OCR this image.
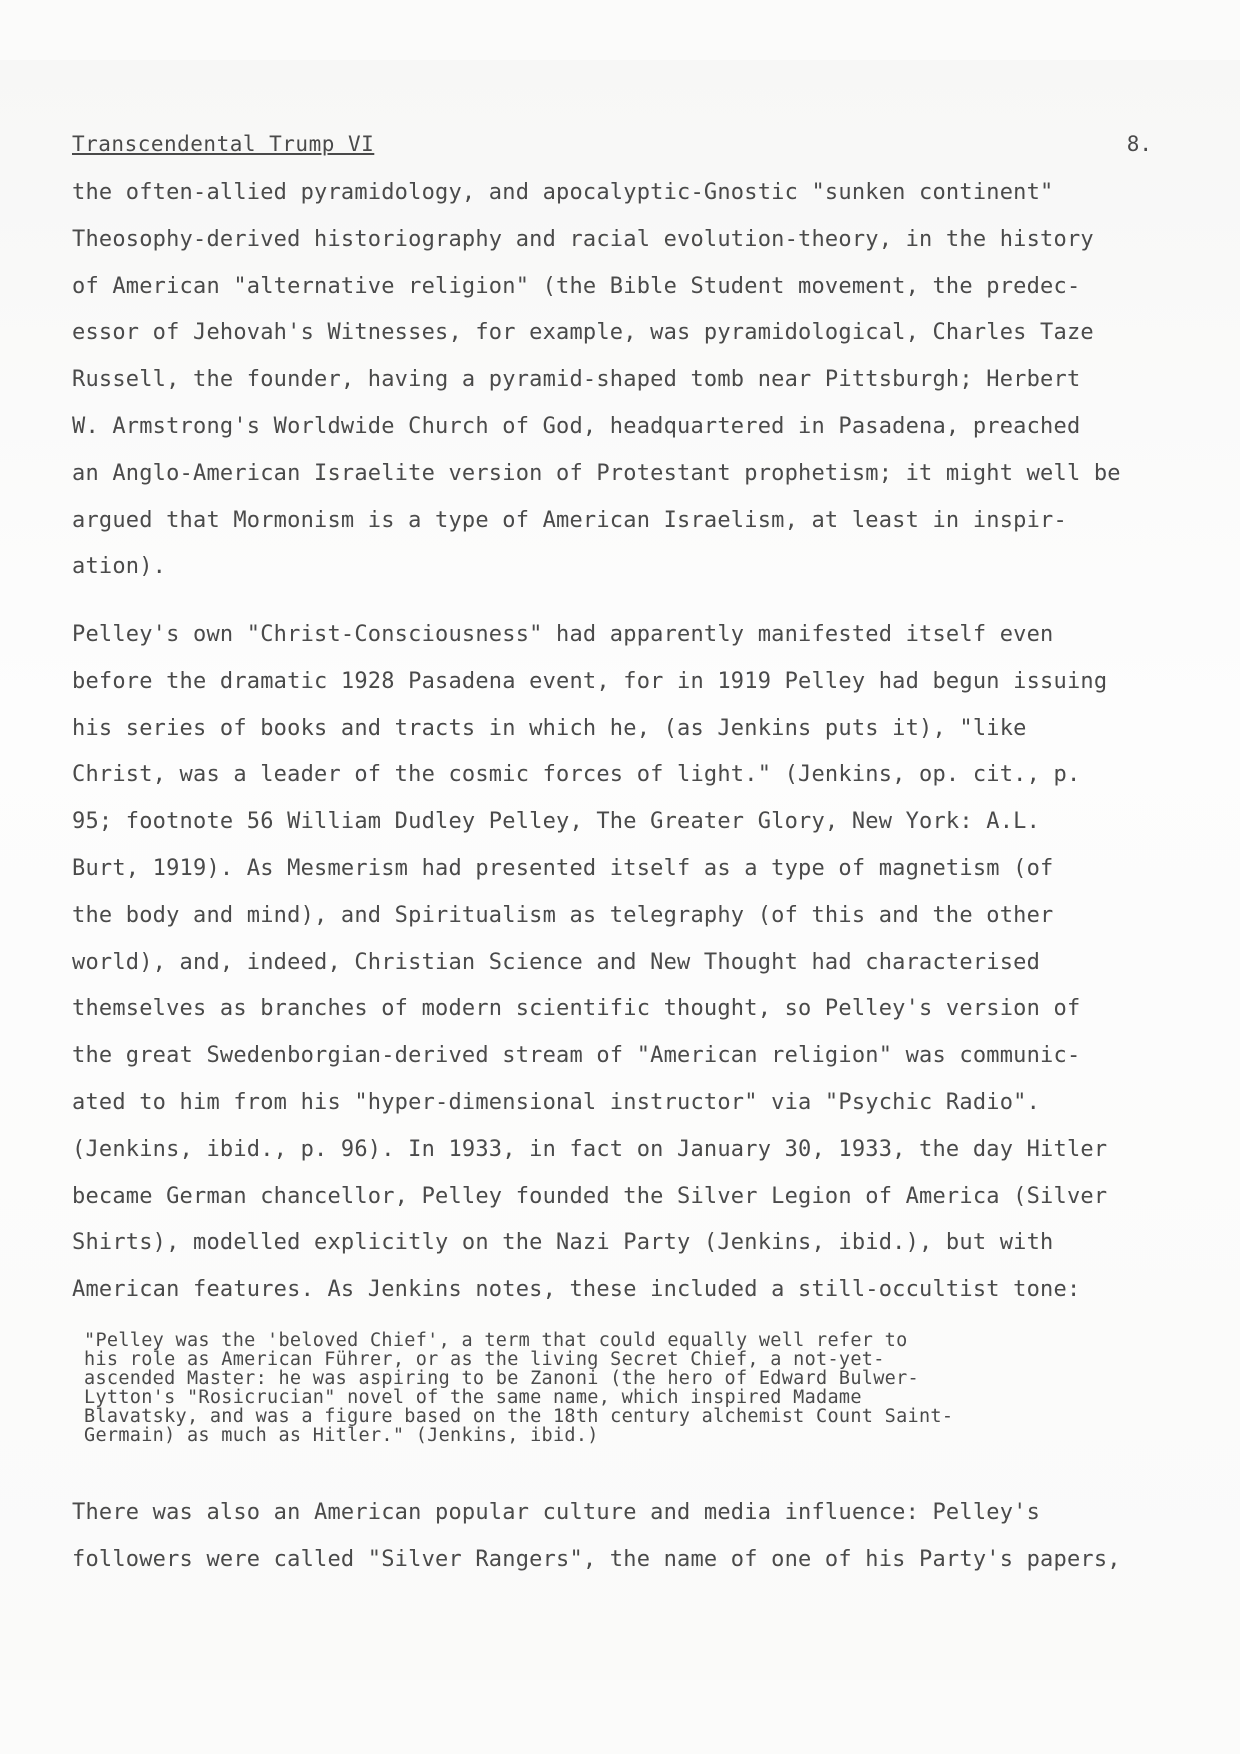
Transcendental Trump VI	8.
the often-allied pyramidology, and apocalyptic-Gnostic "sunken continent"
Theosophy-derived historiography and racial evolution-theory, in the history
of American "alternative religion" (the Bible Student movement, the predec-
essor of Jehovah's Witnesses, for example, was pyramidological, Charles Taze
Russell, the founder, having a pyramid-shaped tomb near Pittsburgh; Herbert
W. Armstrong's Worldwide Church of God, headquartered in Pasadena, preached
an Anglo-American Israelite version of Protestant prophetism; it might well be
argued that Mormonism is a type of American Israelism, at least in inspir-
ation).
Pelley's own "Christ-Consciousness" had apparently manifested itself even
before the dramatic 1928 Pasadena event, for in 1919 Pelley had begun issuing
his series of books and tracts in which he, (as Jenkins puts it), "like
Christ, was a leader of the cosmic forces of light." (Jenkins, op. cit., p.
95; footnote 56 William Dudley Pelley, The Greater Glory, New York: A.L.
Burt, 1919). As Mesmerism had presented itself as a type of magnetism (of
the body and mind), and Spiritualism as telegraphy (of this and the other
world), and, indeed, Christian Science and New Thought had characterised
themselves as branches of modern scientific thought, so Pelley's version of
the great Swedenborgian-derived stream of "American religion" was communic-
ated to him from his "hyper-dimensional instructor" via "Psychic Radio".
(Jenkins, ibid., p. 96). In 1933, in fact on January 30, 1933, the day Hitler
became German chancellor, Pelley founded the Silver Legion of America (Silver
Shirts), modelled explicitly on the Nazi Party (Jenkins, ibid.), but with
American features. As Jenkins notes, these included a still-occultist tone:
"Pelley was the 'beloved Chief', a term that could equally well refer to
his role as American Führer, or as the living Secret Chief, a not-yet-
ascended Master: he was aspiring to be Zanoni (the hero of Edward Bulwer-
Lytton's "Rosicrucian" novel of the same name, which inspired Madame
Blavatsky, and was a figure based on the 18th century alchemist Count Saint-
Germain) as much as Hitler." (Jenkins, ibid.)
There was also an American popular culture and media influence: Pelley's
followers were called "Silver Rangers", the name of one of his Party's papers,
